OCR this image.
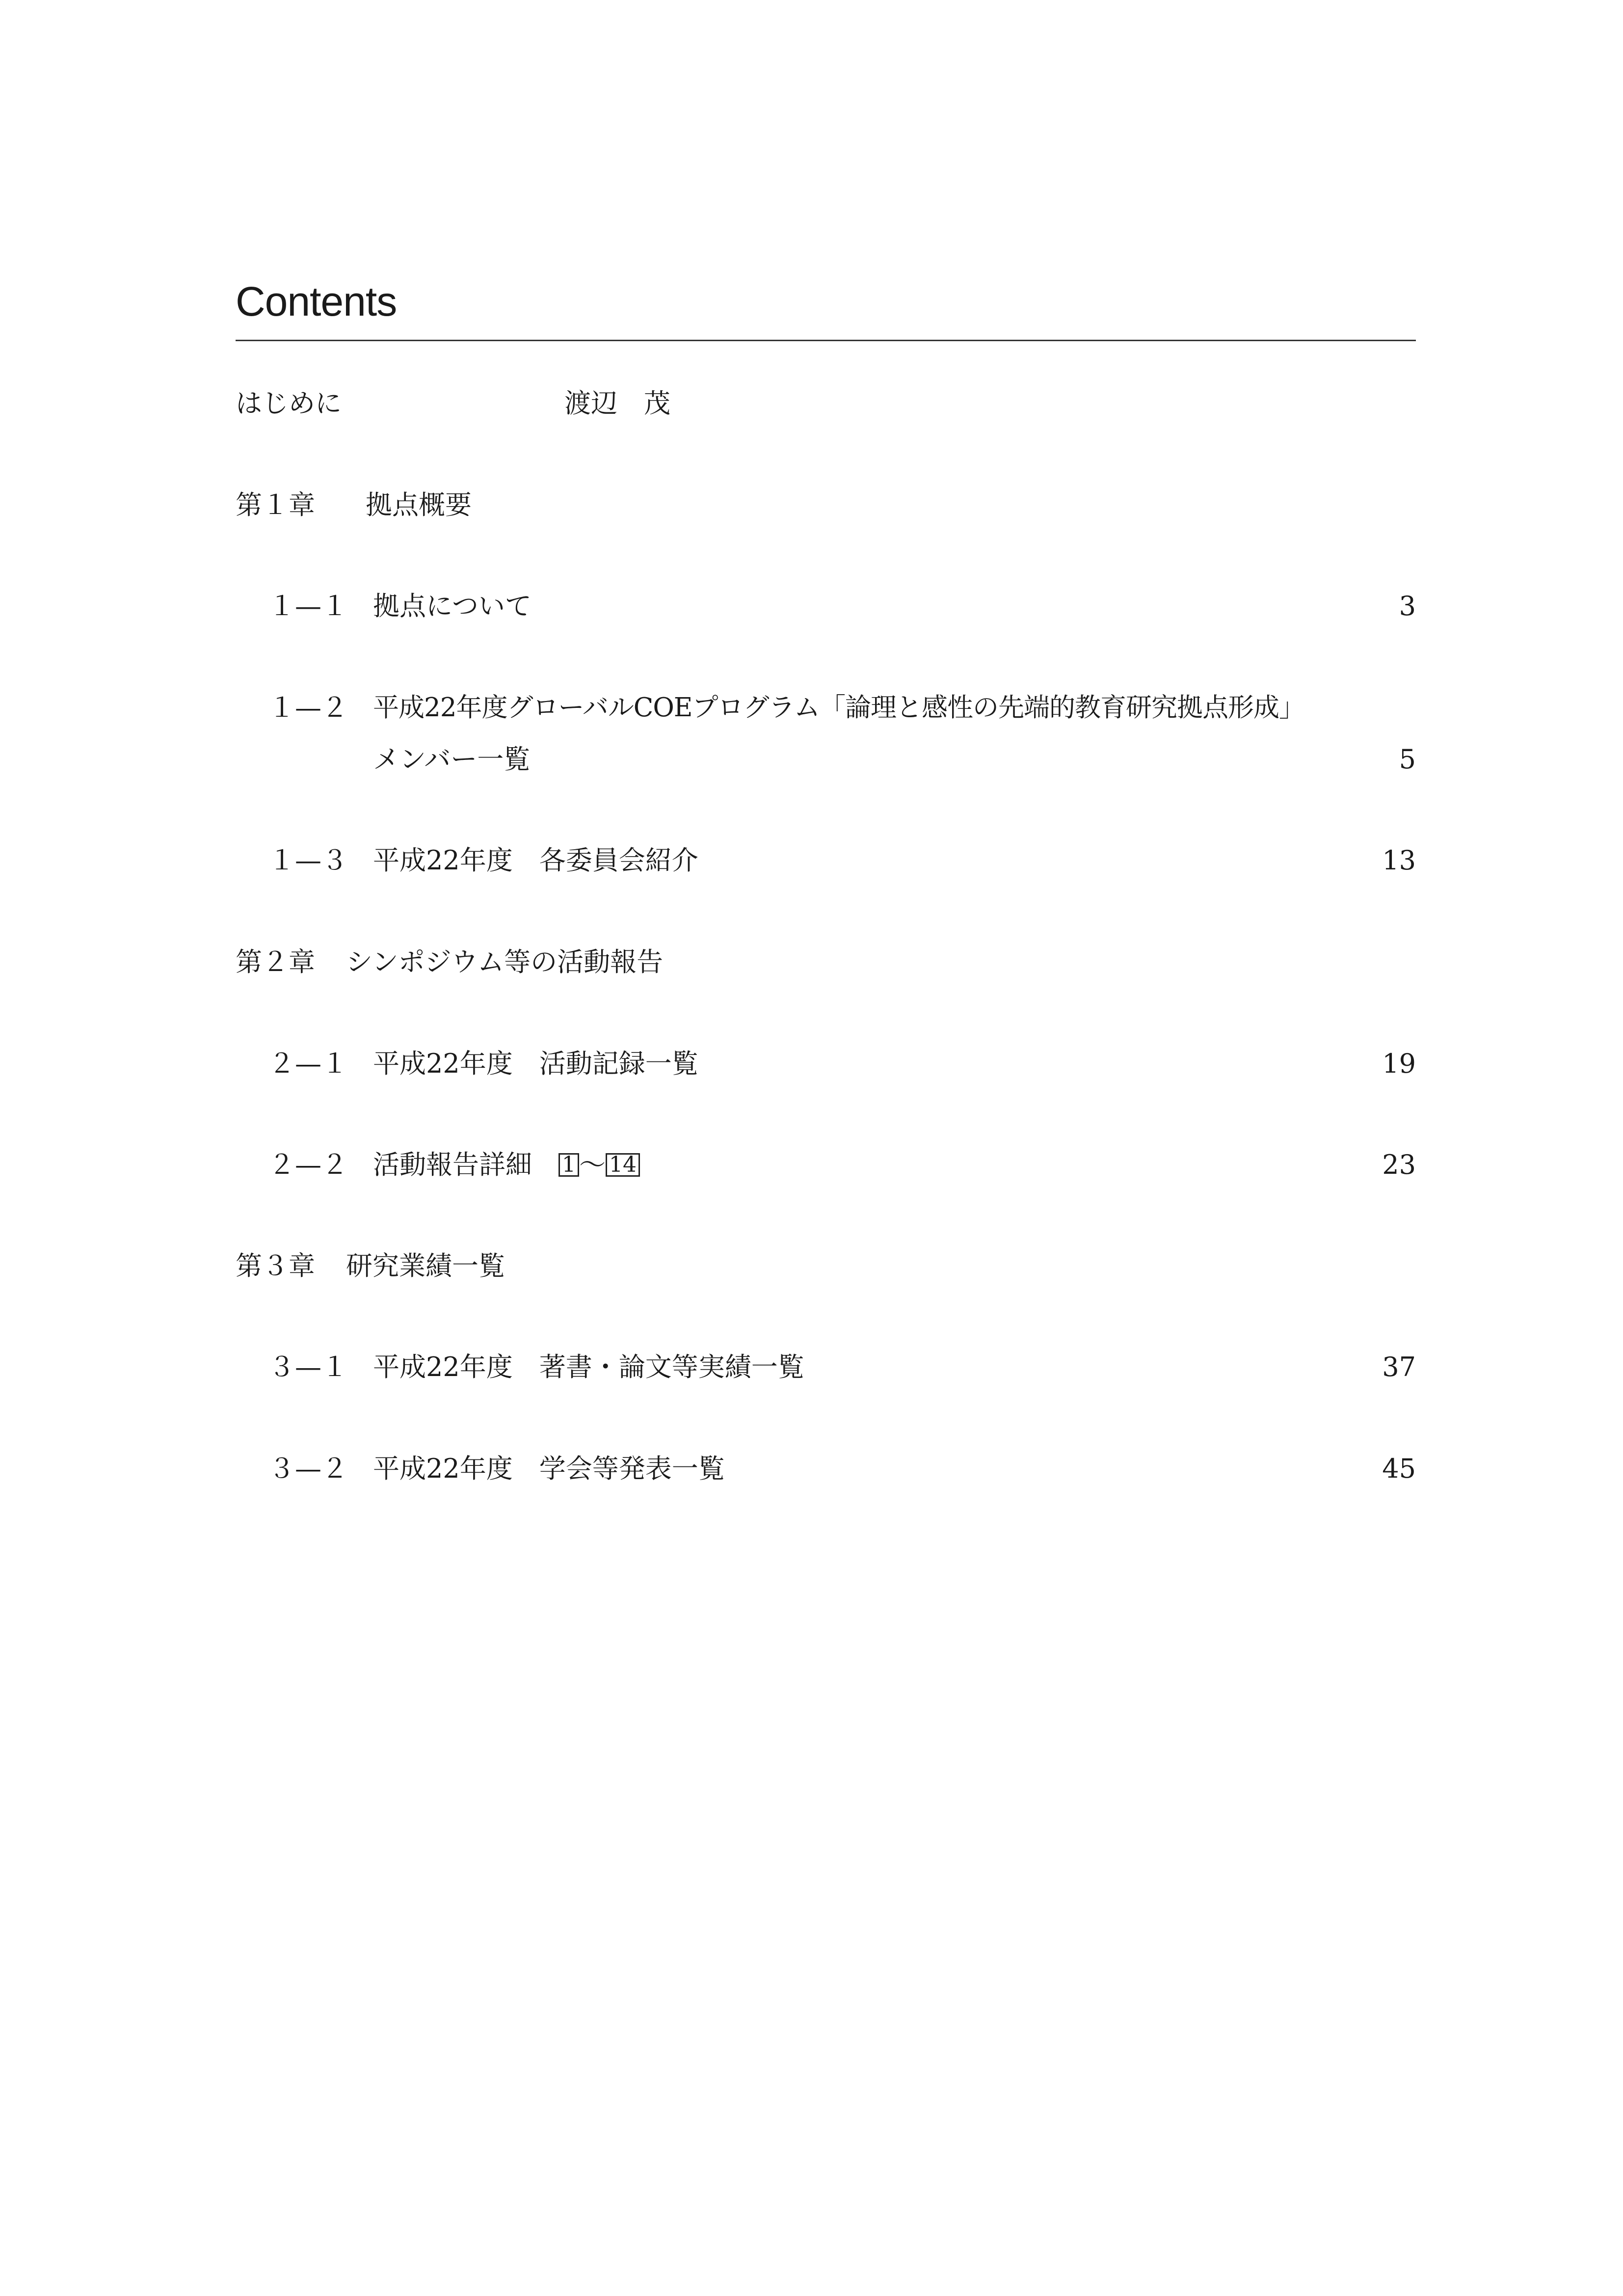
Contents
はじめに	渡辺　茂
第１章 拠点概要
１—１ 拠点について	3
１—２ 平成22年度グローバルCOEプログラム「論理と感性の先端的教育研究拠点形成」
メンバー一覧	5
１—３ 平成22年度　各委員会紹介	13
第２章 シンポジウム等の活動報告
２—１ 平成22年度　活動記録一覧	19
２—２ 活動報告詳細　 1 〜 14	23
第３章 研究業績一覧
３—１ 平成22年度　著書・論文等実績一覧	37
３—２ 平成22年度　学会等発表一覧	45
